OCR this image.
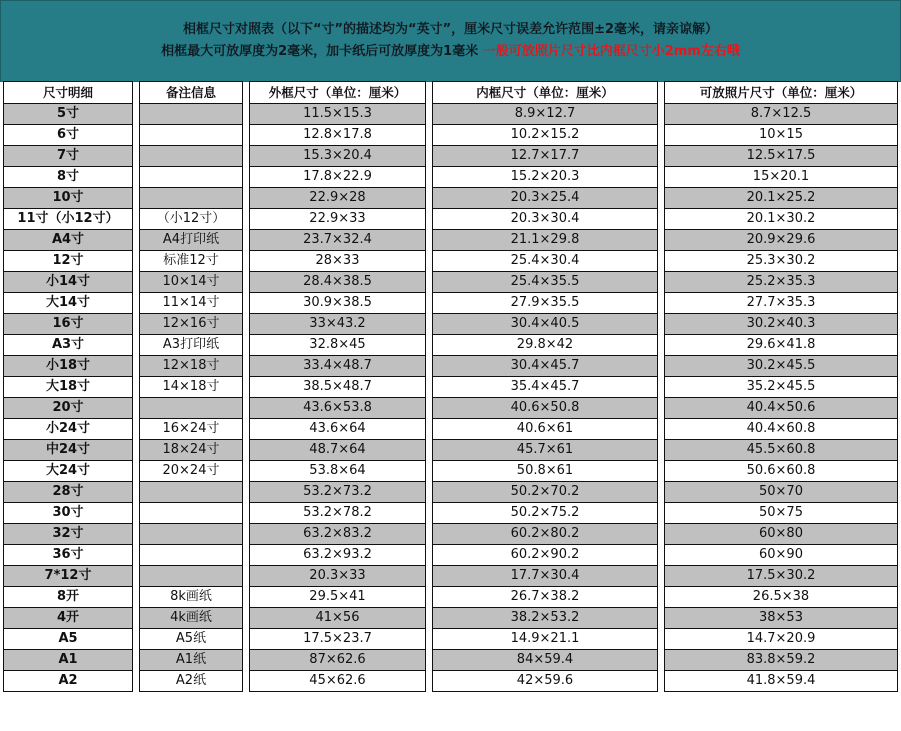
相框尺寸对照表（以下“寸”的描述均为“英寸”，厘米尺寸误差允许范围±2毫米，请亲谅解）
相框最大可放厚度为2毫米，加卡纸后可放厚度为1毫米 一般可放照片尺寸比内框尺寸小2mm左右哦
尺寸明细		备注信息		外框尺寸（单位：厘米）		内框尺寸（单位：厘米）		可放照片尺寸（单位：厘米）
5寸				11.5×15.3		8.9×12.7		8.7×12.5
6寸				12.8×17.8		10.2×15.2		10×15
7寸				15.3×20.4		12.7×17.7		12.5×17.5
8寸				17.8×22.9		15.2×20.3		15×20.1
10寸				22.9×28		20.3×25.4		20.1×25.2
11寸（小12寸）		（小12寸）		22.9×33		20.3×30.4		20.1×30.2
A4寸		A4打印纸		23.7×32.4		21.1×29.8		20.9×29.6
12寸		标准12寸		28×33		25.4×30.4		25.3×30.2
小14寸		10×14寸		28.4×38.5		25.4×35.5		25.2×35.3
大14寸		11×14寸		30.9×38.5		27.9×35.5		27.7×35.3
16寸		12×16寸		33×43.2		30.4×40.5		30.2×40.3
A3寸		A3打印纸		32.8×45		29.8×42		29.6×41.8
小18寸		12×18寸		33.4×48.7		30.4×45.7		30.2×45.5
大18寸		14×18寸		38.5×48.7		35.4×45.7		35.2×45.5
20寸				43.6×53.8		40.6×50.8		40.4×50.6
小24寸		16×24寸		43.6×64		40.6×61		40.4×60.8
中24寸		18×24寸		48.7×64		45.7×61		45.5×60.8
大24寸		20×24寸		53.8×64		50.8×61		50.6×60.8
28寸				53.2×73.2		50.2×70.2		50×70
30寸				53.2×78.2		50.2×75.2		50×75
32寸				63.2×83.2		60.2×80.2		60×80
36寸				63.2×93.2		60.2×90.2		60×90
7*12寸				20.3×33		17.7×30.4		17.5×30.2
8开		8k画纸		29.5×41		26.7×38.2		26.5×38
4开		4k画纸		41×56		38.2×53.2		38×53
A5		A5纸		17.5×23.7		14.9×21.1		14.7×20.9
A1		A1纸		87×62.6		84×59.4		83.8×59.2
A2		A2纸		45×62.6		42×59.6		41.8×59.4
